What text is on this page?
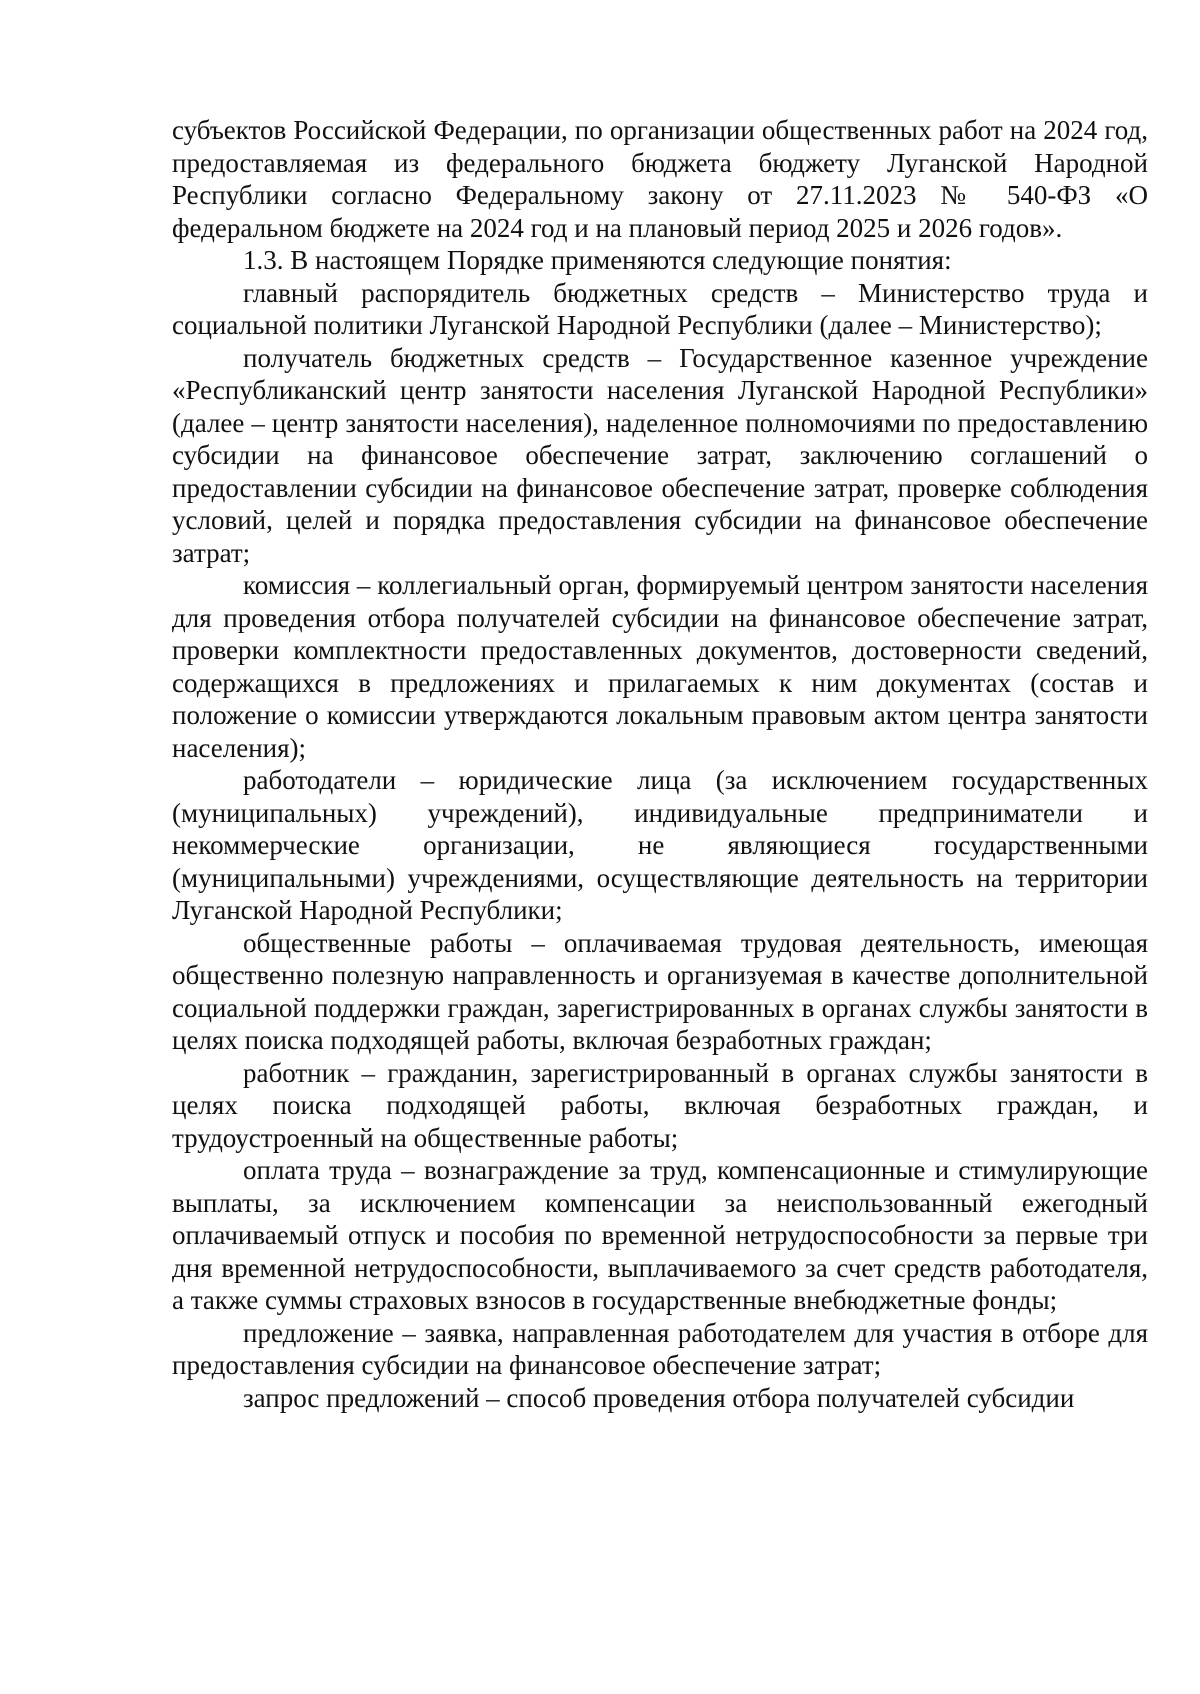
субъектов Российской Федерации, по организации общественных работ на 2024 год, предоставляемая из федерального бюджета бюджету Луганской Народной Республики согласно Федеральному закону от 27.11.2023 № 540-ФЗ «О федеральном бюджете на 2024 год и на плановый период 2025 и 2026 годов».

1.3. В настоящем Порядке применяются следующие понятия:

главный распорядитель бюджетных средств – Министерство труда и социальной политики Луганской Народной Республики (далее – Министерство);

получатель бюджетных средств – Государственное казенное учреждение «Республиканский центр занятости населения Луганской Народной Республики» (далее – центр занятости населения), наделенное полномочиями по предоставлению субсидии на финансовое обеспечение затрат, заключению соглашений о предоставлении субсидии на финансовое обеспечение затрат, проверке соблюдения условий, целей и порядка предоставления субсидии на финансовое обеспечение затрат;

комиссия – коллегиальный орган, формируемый центром занятости населения для проведения отбора получателей субсидии на финансовое обеспечение затрат, проверки комплектности предоставленных документов, достоверности сведений, содержащихся в предложениях и прилагаемых к ним документах (состав и положение о комиссии утверждаются локальным правовым актом центра занятости населения);

работодатели – юридические лица (за исключением государственных (муниципальных) учреждений), индивидуальные предприниматели и некоммерческие организации, не являющиеся государственными (муниципальными) учреждениями, осуществляющие деятельность на территории Луганской Народной Республики;

общественные работы – оплачиваемая трудовая деятельность, имеющая общественно полезную направленность и организуемая в качестве дополнительной социальной поддержки граждан, зарегистрированных в органах службы занятости в целях поиска подходящей работы, включая безработных граждан;

работник – гражданин, зарегистрированный в органах службы занятости в целях поиска подходящей работы, включая безработных граждан, и трудоустроенный на общественные работы;

оплата труда – вознаграждение за труд, компенсационные и стимулирующие выплаты, за исключением компенсации за неиспользованный ежегодный оплачиваемый отпуск и пособия по временной нетрудоспособности за первые три дня временной нетрудоспособности, выплачиваемого за счет средств работодателя, а также суммы страховых взносов в государственные внебюджетные фонды;

предложение – заявка, направленная работодателем для участия в отборе для предоставления субсидии на финансовое обеспечение затрат;

запрос предложений – способ проведения отбора получателей субсидии
